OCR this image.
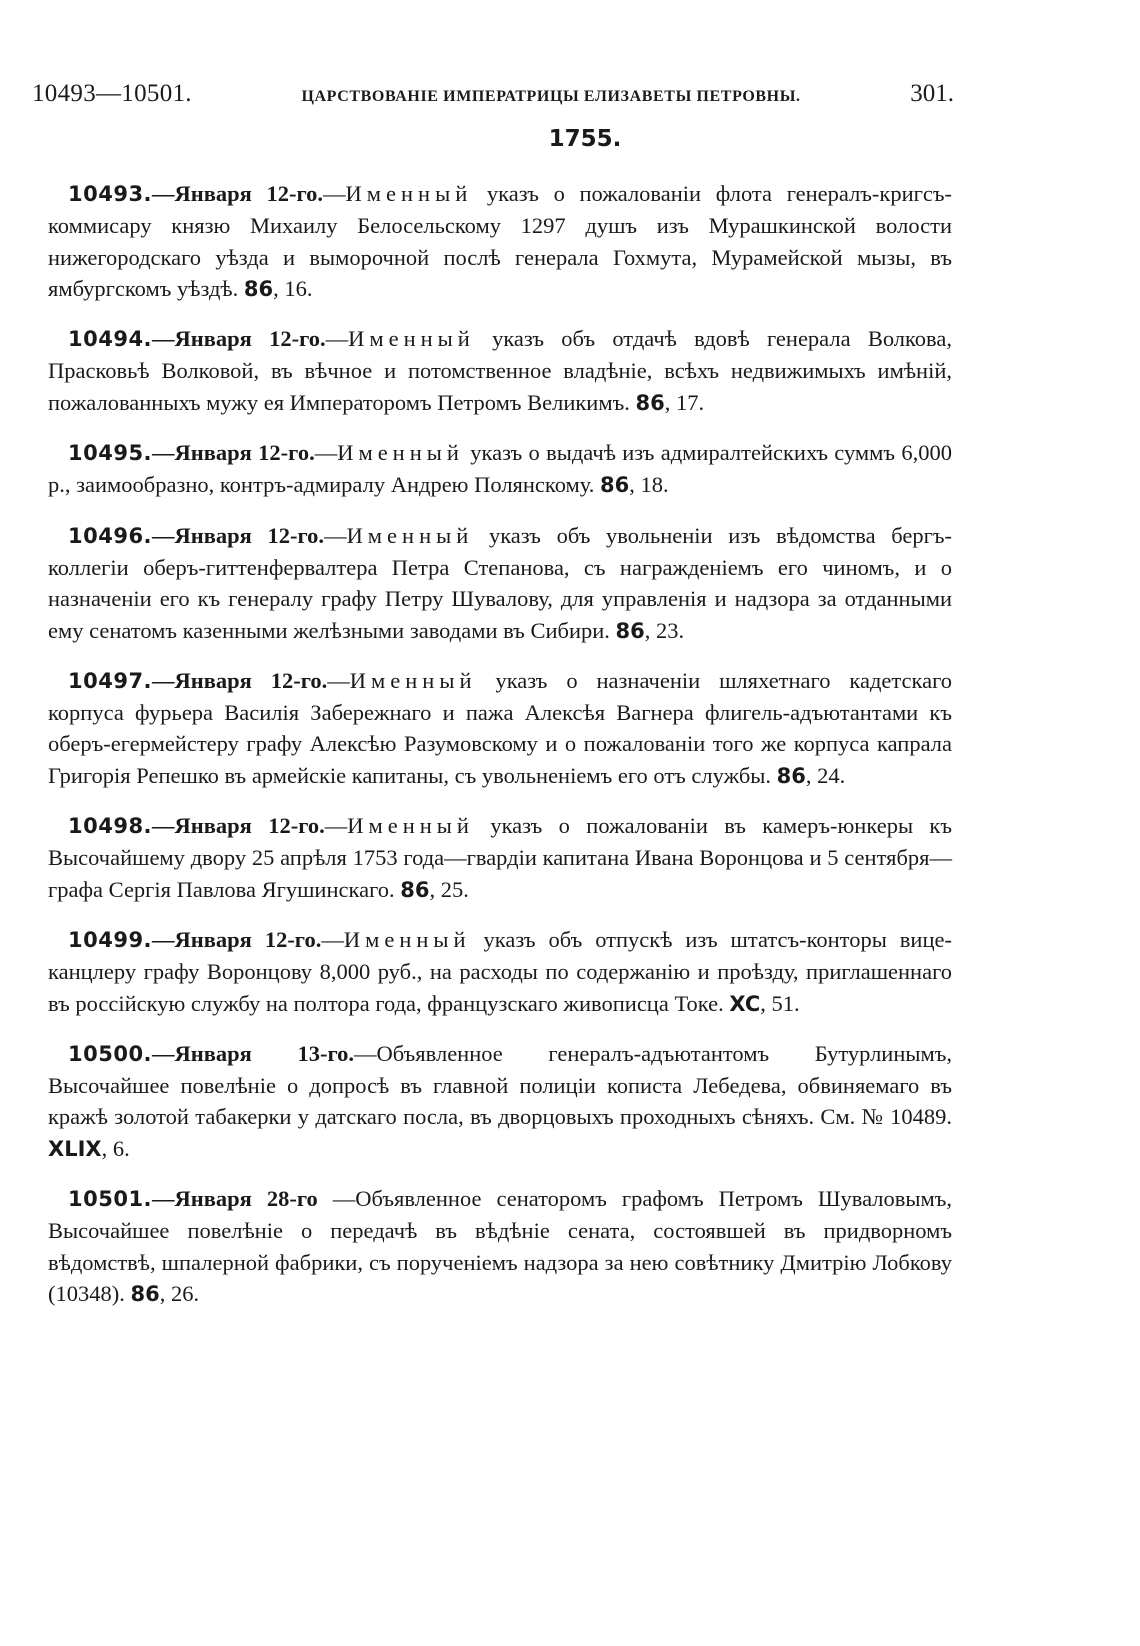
10493—10501.	ЦАРСТВОВАНІЕ ИМПЕРАТРИЦЫ ЕЛИЗАВЕТЫ ПЕТРОВНЫ.	301.
1755.

10493.—Января 12-го.—Именный указъ о пожалованіи флота генералъ-кригсъ-коммисару князю Михаилу Белосельскому 1297 душъ изъ Мурашкинской волости нижегородскаго уѣзда и выморочной послѣ генерала Гохмута, Мурамейской мызы, въ ямбургскомъ уѣздѣ. 86, 16.

10494.—Января 12-го.—Именный указъ объ отдачѣ вдовѣ генерала Волкова, Прасковьѣ Волковой, въ вѣчное и потомственное владѣніе, всѣхъ недвижимыхъ имѣній, пожалованныхъ мужу ея Императоромъ Петромъ Великимъ. 86, 17.

10495.—Января 12-го.—Именный указъ о выдачѣ изъ адмиралтейскихъ суммъ 6,000 р., заимообразно, контръ-адмиралу Андрею Полянскому. 86, 18.

10496.—Января 12-го.—Именный указъ объ увольненіи изъ вѣдомства бергъ-коллегіи оберъ-гиттенфервалтера Петра Степанова, съ награжденіемъ его чиномъ, и о назначеніи его къ генералу графу Петру Шувалову, для управленія и надзора за отданными ему сенатомъ казенными желѣзными заводами въ Сибири. 86, 23.

10497.—Января 12-го.—Именный указъ о назначеніи шляхетнаго кадетскаго корпуса фурьера Василія Забережнаго и пажа Алексѣя Вагнера флигель-адъютантами къ оберъ-егермейстеру графу Алексѣю Разумовскому и о пожалованіи того же корпуса капрала Григорія Репешко въ армейскіе капитаны, съ увольненіемъ его отъ службы. 86, 24.

10498.—Января 12-го.—Именный указъ о пожалованіи въ камеръ-юнкеры къ Высочайшему двору 25 апрѣля 1753 года—гвардіи капитана Ивана Воронцова и 5 сентября—графа Сергія Павлова Ягушинскаго. 86, 25.

10499.—Января 12-го.—Именный указъ объ отпускѣ изъ штатсъ-конторы вице-канцлеру графу Воронцову 8,000 руб., на расходы по содержанію и проѣзду, приглашеннаго въ россійскую службу на полтора года, французскаго живописца Токе. XC, 51.

10500.—Января 13-го.—Объявленное генералъ-адъютантомъ Бутурлинымъ, Высочайшее повелѣніе о допросѣ въ главной полиціи кописта Лебедева, обвиняемаго въ кражѣ золотой табакерки у датскаго посла, въ дворцовыхъ проходныхъ сѣняхъ. См. № 10489. XLIX, 6.

10501.—Января 28-го —Объявленное сенаторомъ графомъ Петромъ Шуваловымъ, Высочайшее повелѣніе о передачѣ въ вѣдѣніе сената, состоявшей въ придворномъ вѣдомствѣ, шпалерной фабрики, съ порученіемъ надзора за нею совѣтнику Дмитрію Лобкову (10348). 86, 26.
